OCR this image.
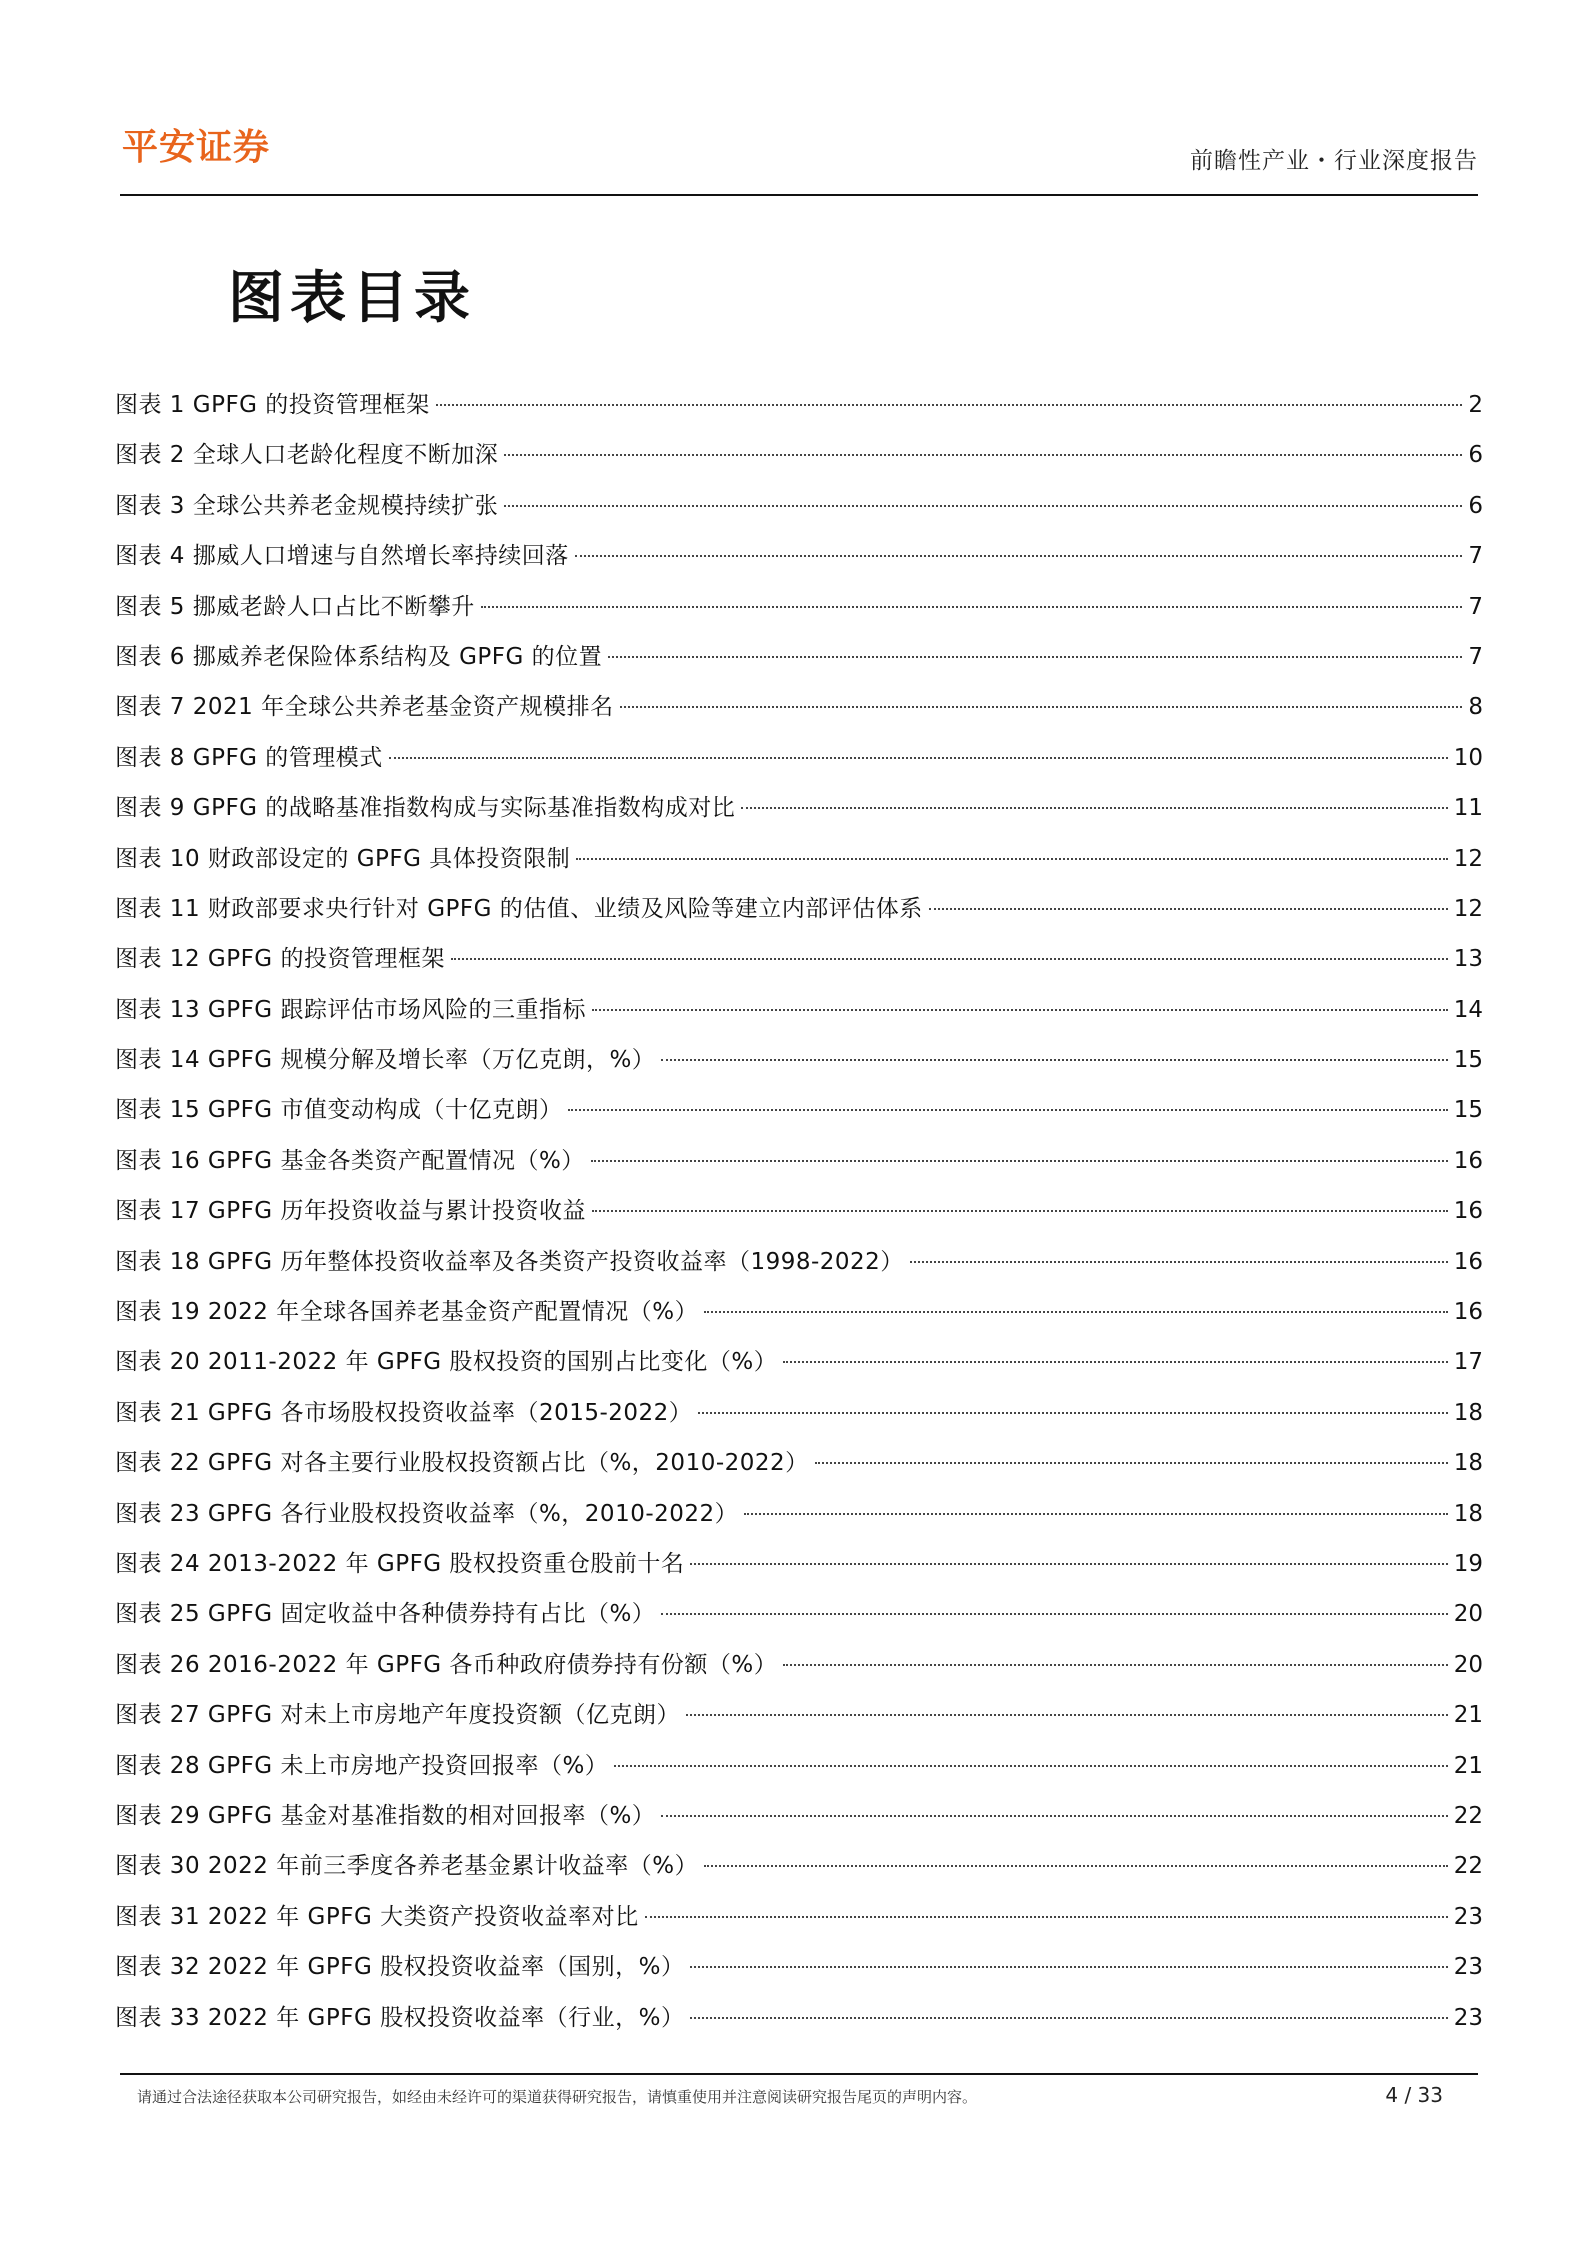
平安证券	前瞻性产业・行业深度报告
图表目录
图表 1 GPFG 的投资管理框架	2
图表 2 全球人口老龄化程度不断加深	6
图表 3 全球公共养老金规模持续扩张	6
图表 4 挪威人口增速与自然增长率持续回落	7
图表 5 挪威老龄人口占比不断攀升	7
图表 6 挪威养老保险体系结构及 GPFG 的位置	7
图表 7 2021 年全球公共养老基金资产规模排名	8
图表 8 GPFG 的管理模式	10
图表 9 GPFG 的战略基准指数构成与实际基准指数构成对比	11
图表 10 财政部设定的 GPFG 具体投资限制	12
图表 11 财政部要求央行针对 GPFG 的估值、业绩及风险等建立内部评估体系	12
图表 12 GPFG 的投资管理框架	13
图表 13 GPFG 跟踪评估市场风险的三重指标	14
图表 14 GPFG 规模分解及增长率（万亿克朗，%）	15
图表 15 GPFG 市值变动构成（十亿克朗）	15
图表 16 GPFG 基金各类资产配置情况（%）	16
图表 17 GPFG 历年投资收益与累计投资收益	16
图表 18 GPFG 历年整体投资收益率及各类资产投资收益率（1998-2022）	16
图表 19 2022 年全球各国养老基金资产配置情况（%）	16
图表 20 2011-2022 年 GPFG 股权投资的国别占比变化（%）	17
图表 21 GPFG 各市场股权投资收益率（2015-2022）	18
图表 22 GPFG 对各主要行业股权投资额占比（%，2010-2022）	18
图表 23 GPFG 各行业股权投资收益率（%，2010-2022）	18
图表 24 2013-2022 年 GPFG 股权投资重仓股前十名	19
图表 25 GPFG 固定收益中各种债券持有占比（%）	20
图表 26 2016-2022 年 GPFG 各币种政府债券持有份额（%）	20
图表 27 GPFG 对未上市房地产年度投资额（亿克朗）	21
图表 28 GPFG 未上市房地产投资回报率（%）	21
图表 29 GPFG 基金对基准指数的相对回报率（%）	22
图表 30 2022 年前三季度各养老基金累计收益率（%）	22
图表 31 2022 年 GPFG 大类资产投资收益率对比	23
图表 32 2022 年 GPFG 股权投资收益率（国别，%）	23
图表 33 2022 年 GPFG 股权投资收益率（行业，%）	23
请通过合法途径获取本公司研究报告，如经由未经许可的渠道获得研究报告，请慎重使用并注意阅读研究报告尾页的声明内容。	4 / 33
